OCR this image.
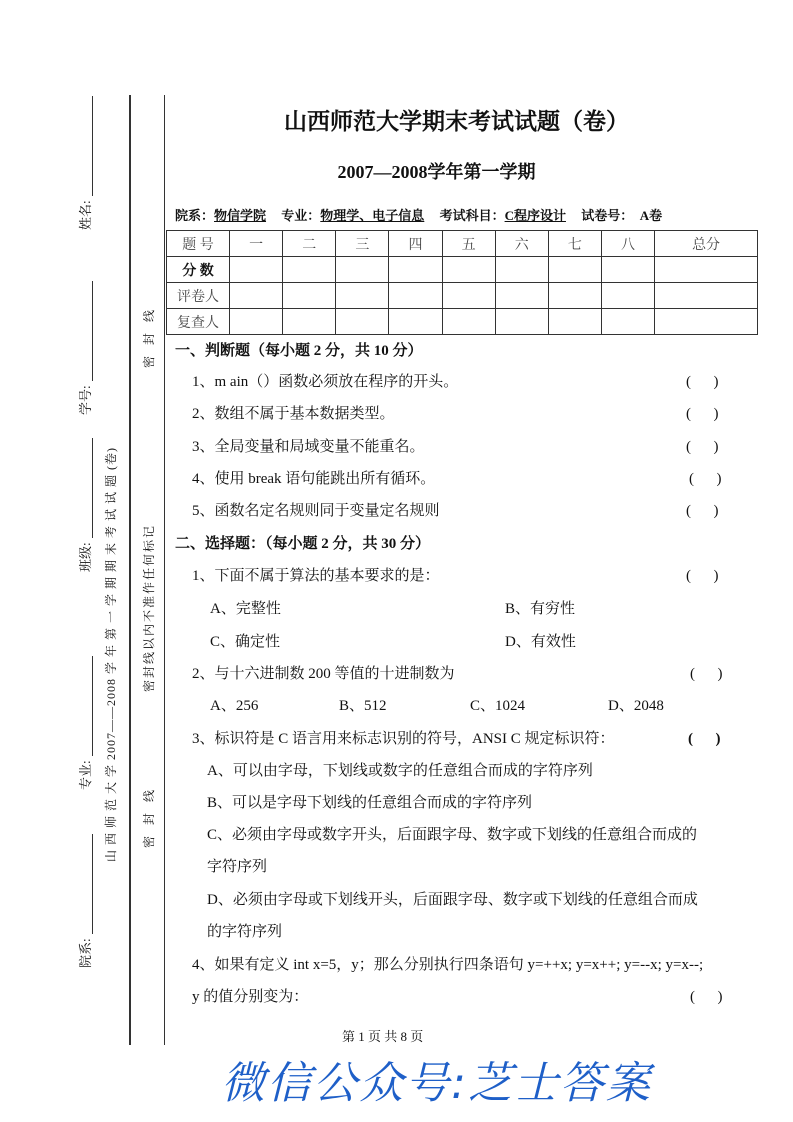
院系:
专业:
班级:
学号:
姓名:
山 西 师 范 大 学 2007——2008 学 年 第 一 学 期 期 末 考 试 试 题 (卷) 密 封 线
密封线以内不准作任何标记
密 封 线
山西师范大学期末考试试题（卷）
2007—2008学年第一学期
院系：物信学院 专业：物理学、电子信息 考试科目：C程序设计 试卷号： A卷
题 号	一	二	三	四	五	六	七	八	总分
分 数									
评卷人									
复查人									
一、判断题（每小题 2 分，共 10 分）
1、m ain（）函数必须放在程序的开头。
2、数组不属于基本数据类型。
3、全局变量和局域变量不能重名。
4、使用 break 语句能跳出所有循环。
5、函数名定名规则同于变量定名规则
(      )
(      )
(      )
(      )
(      )
二、选择题：（每小题 2 分，共 30 分）
1、下面不属于算法的基本要求的是：	(      )
A、完整性	B、有穷性
C、确定性	D、有效性
2、与十六进制数 200 等值的十进制数为	(      )
A、256	B、512	C、1024	D、2048
3、标识符是 C 语言用来标志识别的符号，ANSI C 规定标识符：	(      )
A、可以由字母，下划线或数字的任意组合而成的字符序列
B、可以是字母下划线的任意组合而成的字符序列
C、必须由字母或数字开头，后面跟字母、数字或下划线的任意组合而成的
字符序列
D、必须由字母或下划线开头，后面跟字母、数字或下划线的任意组合而成
的字符序列
4、如果有定义 int x=5，y；那么分别执行四条语句 y=++x; y=x++; y=--x; y=x--;
y 的值分别变为：	(      )
第 1 页 共 8 页
微信公众号:芝士答案
